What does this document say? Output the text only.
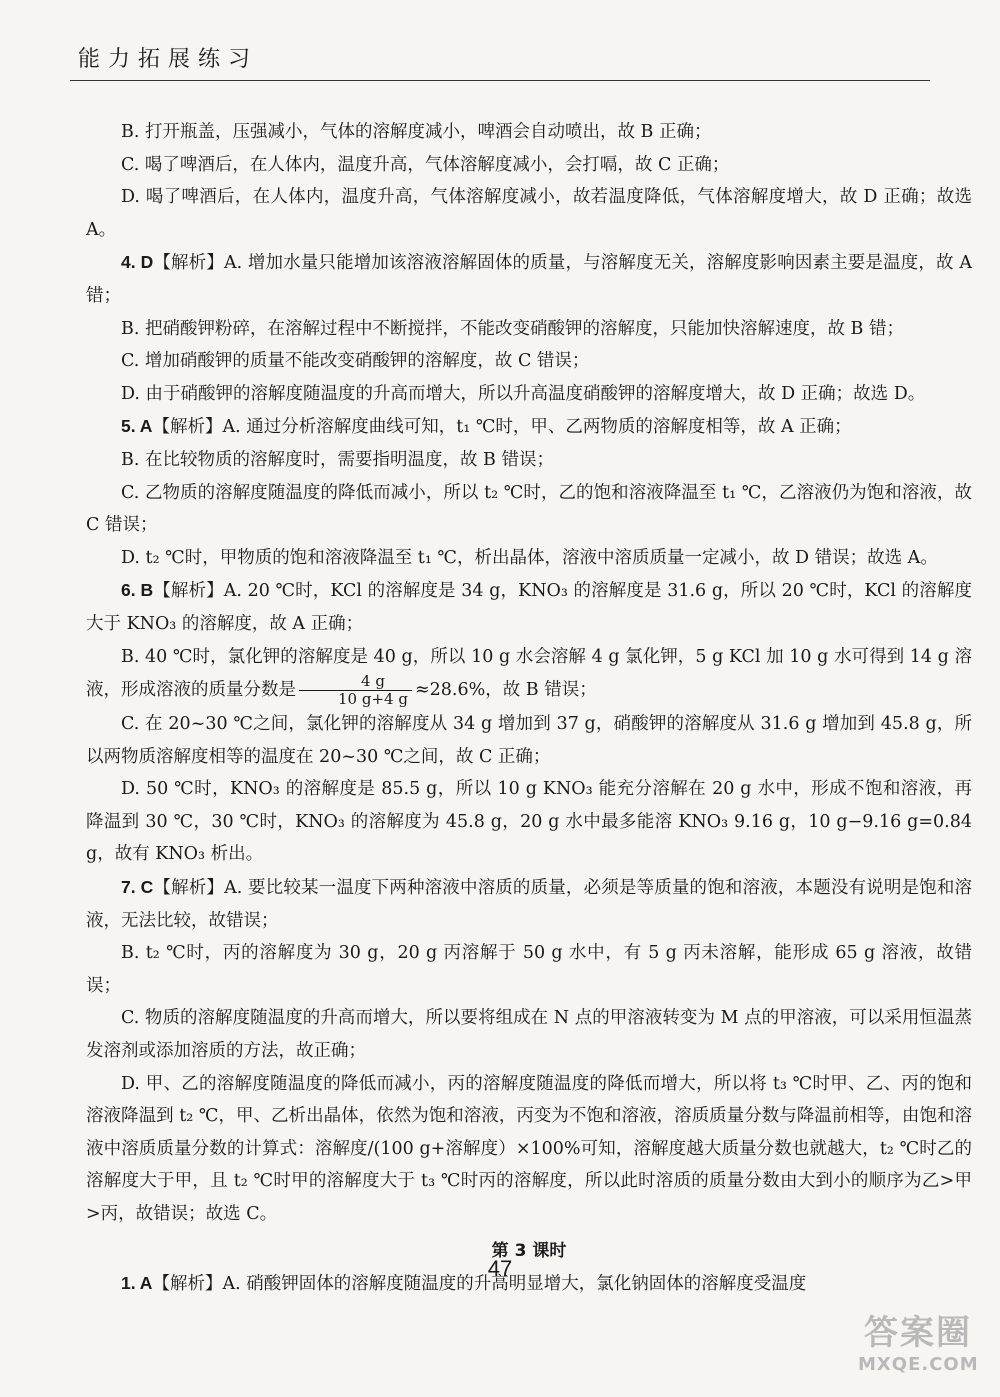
能力拓展练习

B. 打开瓶盖，压强减小，气体的溶解度减小，啤酒会自动喷出，故 B 正确；

C. 喝了啤酒后，在人体内，温度升高，气体溶解度减小，会打嗝，故 C 正确；

D. 喝了啤酒后，在人体内，温度升高，气体溶解度减小，故若温度降低，气体溶解度增大，故 D 正确；故选 A。

4. D【解析】A. 增加水量只能增加该溶液溶解固体的质量，与溶解度无关，溶解度影响因素主要是温度，故 A 错；

B. 把硝酸钾粉碎，在溶解过程中不断搅拌，不能改变硝酸钾的溶解度，只能加快溶解速度，故 B 错；

C. 增加硝酸钾的质量不能改变硝酸钾的溶解度，故 C 错误；

D. 由于硝酸钾的溶解度随温度的升高而增大，所以升高温度硝酸钾的溶解度增大，故 D 正确；故选 D。

5. A【解析】A. 通过分析溶解度曲线可知，t₁ ℃时，甲、乙两物质的溶解度相等，故 A 正确；

B. 在比较物质的溶解度时，需要指明温度，故 B 错误；

C. 乙物质的溶解度随温度的降低而减小，所以 t₂ ℃时，乙的饱和溶液降温至 t₁ ℃，乙溶液仍为饱和溶液，故 C 错误；

D. t₂ ℃时，甲物质的饱和溶液降温至 t₁ ℃，析出晶体，溶液中溶质质量一定减小，故 D 错误；故选 A。

6. B【解析】A. 20 ℃时，KCl 的溶解度是 34 g，KNO₃ 的溶解度是 31.6 g，所以 20 ℃时，KCl 的溶解度大于 KNO₃ 的溶解度，故 A 正确；

B. 40 ℃时，氯化钾的溶解度是 40 g，所以 10 g 水会溶解 4 g 氯化钾，5 g KCl 加 10 g 水可得到 14 g 溶液，形成溶液的质量分数是 $\frac{4 g}{10 g+4 g} \approx 28.6\%$，故 B 错误；

C. 在 20~30 ℃之间，氯化钾的溶解度从 34 g 增加到 37 g，硝酸钾的溶解度从 31.6 g 增加到 45.8 g，所以两物质溶解度相等的温度在 20~30 ℃之间，故 C 正确；

D. 50 ℃时，KNO₃ 的溶解度是 85.5 g，所以 10 g KNO₃ 能充分溶解在 20 g 水中，形成不饱和溶液，再降温到 30 ℃，30 ℃时，KNO₃ 的溶解度为 45.8 g，20 g 水中最多能溶 KNO₃ 9.16 g，10 g−9.16 g=0.84 g，故有 KNO₃ 析出。

7. C【解析】A. 要比较某一温度下两种溶液中溶质的质量，必须是等质量的饱和溶液，本题没有说明是饱和溶液，无法比较，故错误；

B. t₂ ℃时，丙的溶解度为 30 g，20 g 丙溶解于 50 g 水中，有 5 g 丙未溶解，能形成 65 g 溶液，故错误；

C. 物质的溶解度随温度的升高而增大，所以要将组成在 N 点的甲溶液转变为 M 点的甲溶液，可以采用恒温蒸发溶剂或添加溶质的方法，故正确；

D. 甲、乙的溶解度随温度的降低而减小，丙的溶解度随温度的降低而增大，所以将 t₃ ℃时甲、乙、丙的饱和溶液降温到 t₂ ℃，甲、乙析出晶体，依然为饱和溶液，丙变为不饱和溶液，溶质质量分数与降温前相等，由饱和溶液中溶质质量分数的计算式：溶解度/(100 g+溶解度）×100%可知，溶解度越大质量分数也就越大，t₂ ℃时乙的溶解度大于甲，且 t₂ ℃时甲的溶解度大于 t₃ ℃时丙的溶解度，所以此时溶质的质量分数由大到小的顺序为乙>甲>丙，故错误；故选 C。

第 3 课时

1. A【解析】A. 硝酸钾固体的溶解度随温度的升高明显增大，氯化钠固体的溶解度受温度

47
答案圈
MXQE.COM
